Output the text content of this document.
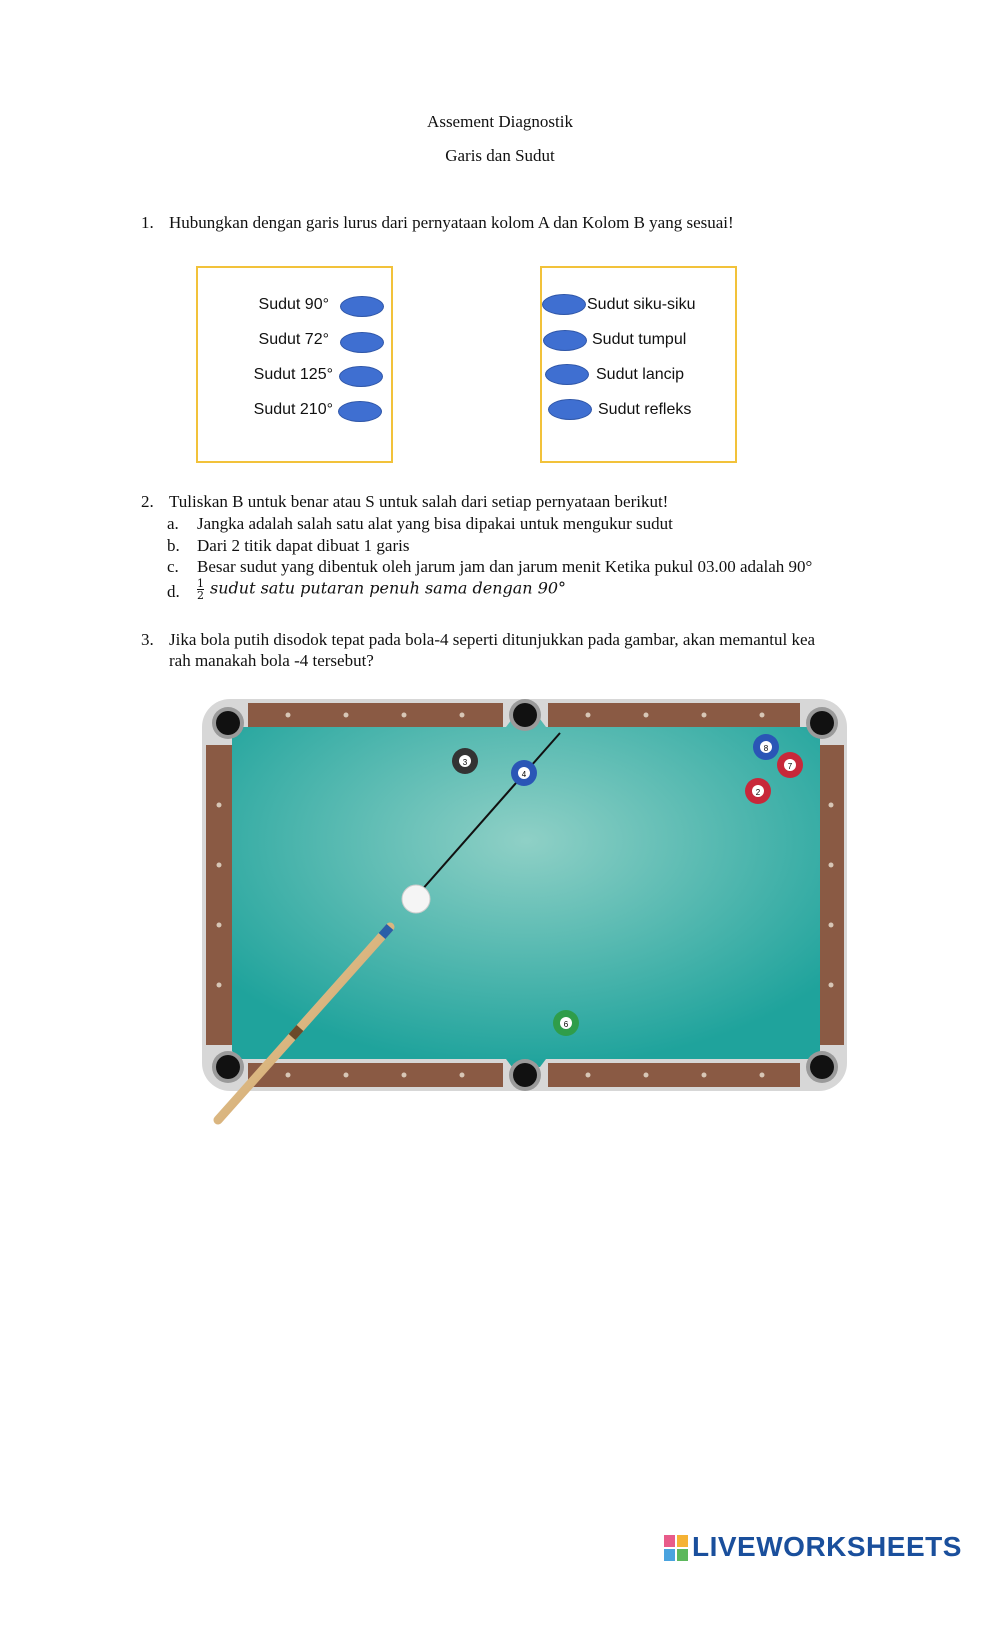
Assement Diagnostik
Garis dan Sudut
1. Hubungkan dengan garis lurus dari pernyataan kolom A dan Kolom B yang sesuai!
Sudut 90°
Sudut 72°
Sudut 125°
Sudut 210°
Sudut siku-siku
Sudut tumpul
Sudut lancip
Sudut refleks
2. Tuliskan B untuk benar atau S untuk salah dari setiap pernyataan berikut!
a. Jangka adalah salah satu alat yang bisa dipakai untuk mengukur sudut
b. Dari 2 titik dapat dibuat 1 garis
c. Besar sudut yang dibentuk oleh jarum jam dan jarum menit Ketika pukul 03.00 adalah 90°
d. $\frac{1}{2}$ sudut satu putaran penuh sama dengan 90°
3. Jika bola putih disodok tepat pada bola-4 seperti ditunjukkan pada gambar, akan memantul kea
rah manakah bola -4 tersebut?
3
4
8
7
2
6
LIVEWORKSHEETS
